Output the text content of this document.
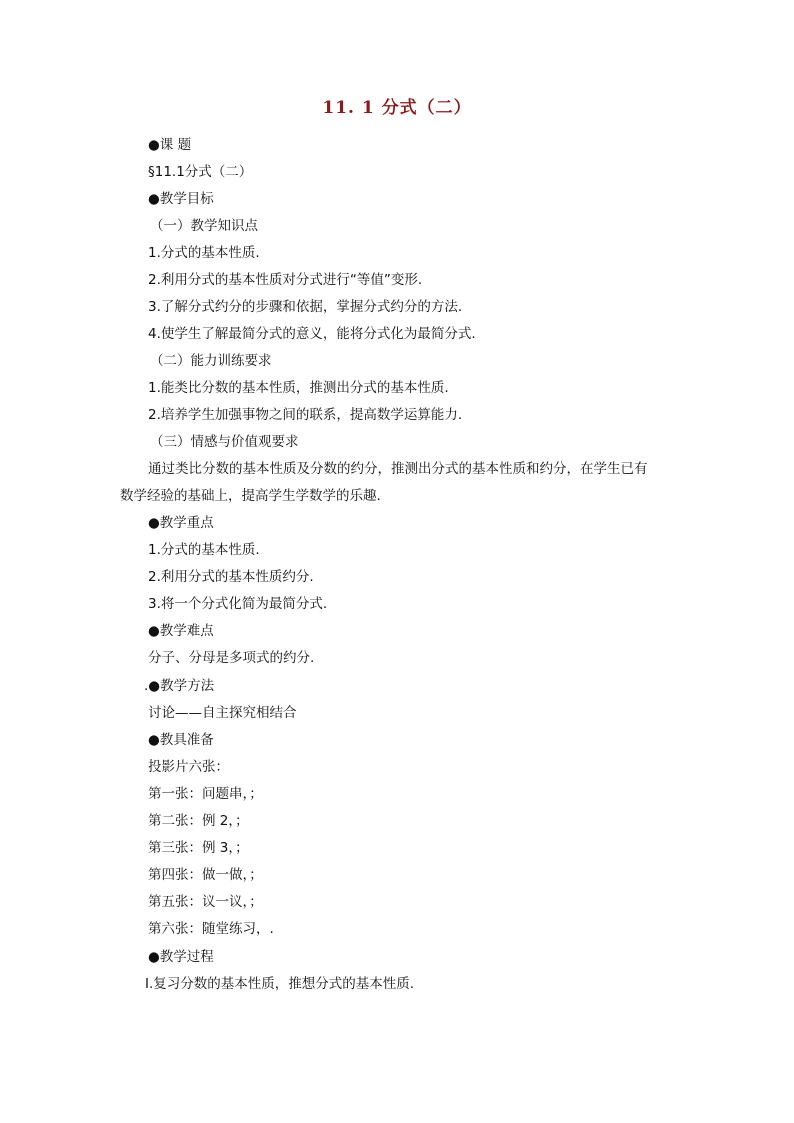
11. 1 分式（二）
●课 题
§11.1分式（二）
●教学目标
（一）教学知识点
1.分式的基本性质.
2.利用分式的基本性质对分式进行“等值”变形.
3.了解分式约分的步骤和依据，掌握分式约分的方法.
4.使学生了解最简分式的意义，能将分式化为最简分式.
（二）能力训练要求
1.能类比分数的基本性质，推测出分式的基本性质.
2.培养学生加强事物之间的联系，提高数学运算能力.
（三）情感与价值观要求
通过类比分数的基本性质及分数的约分，推测出分式的基本性质和约分，在学生已有
数学经验的基础上，提高学生学数学的乐趣.
●教学重点
1.分式的基本性质.
2.利用分式的基本性质约分.
3.将一个分式化简为最简分式.
●教学难点
分子、分母是多项式的约分.
.●教学方法
讨论——自主探究相结合
●教具准备
投影片六张：
第一张：问题串，；
第二张：例 2，；
第三张：例 3，；
第四张：做一做，；
第五张：议一议，；
第六张：随堂练习，.
●教学过程
Ⅰ.复习分数的基本性质，推想分式的基本性质.
